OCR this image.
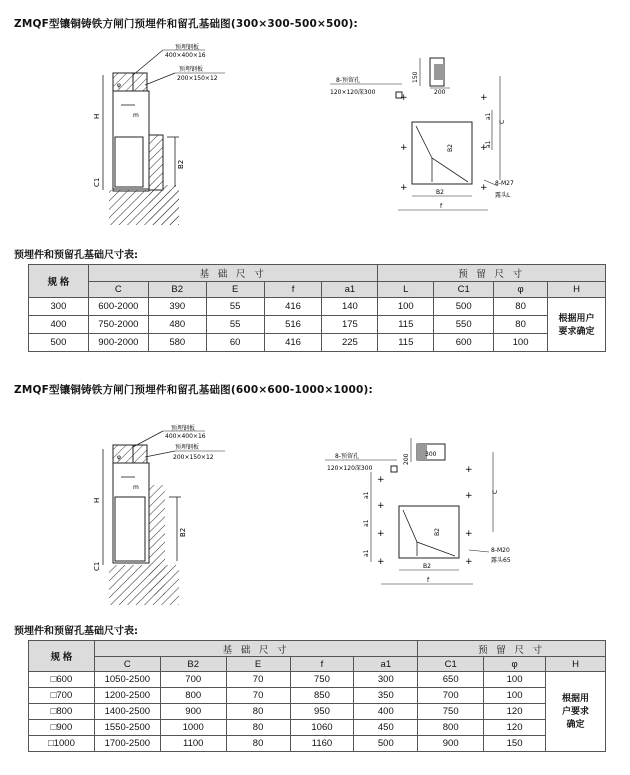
ZMQF型镶铜铸铁方闸门预埋件和留孔基础图(300×300-500×500):
预埋钢板
400×400×16
预埋钢板
200×150×12
H
C1
B2
m
φ
150
200
8-预留孔
120×120深300
B2
+	+
+	+
+	+
C
a1
a1
B2
f
8-M27
露头L
预埋件和预留孔基础尺寸表:
规 格	基 础 尺 寸					预 留 尺 寸			
	C	B2	E	f	a1	L	C1	φ	H
300	600-2000	390	55	416	140	100	500	80	根据用户要求确定
400	750-2000	480	55	516	175	115	550	80	
500	900-2000	580	60	416	225	115	600	100	
ZMQF型镶铜铸铁方闸门预埋件和留孔基础图(600×600-1000×1000):
预埋钢板
400×400×16
预埋钢板
200×150×12
H
C1
B2
m
φ	200	300
8-预留孔
120×120深300
B2
+
+
+
+
+	+
+	+
a1
a1
a1
C
B2
f
8-M20
露头65
预埋件和预留孔基础尺寸表:
规 格	基 础 尺 寸					预 留 尺 寸		
	C	B2	E	f	a1	C1	φ	H
□600	1050-2500	700	70	750	300	650	100	根据用户要求确定
□700	1200-2500	800	70	850	350	700	100	
□800	1400-2500	900	80	950	400	750	120	
□900	1550-2500	1000	80	1060	450	800	120	
□1000	1700-2500	1100	80	1160	500	900	150	
